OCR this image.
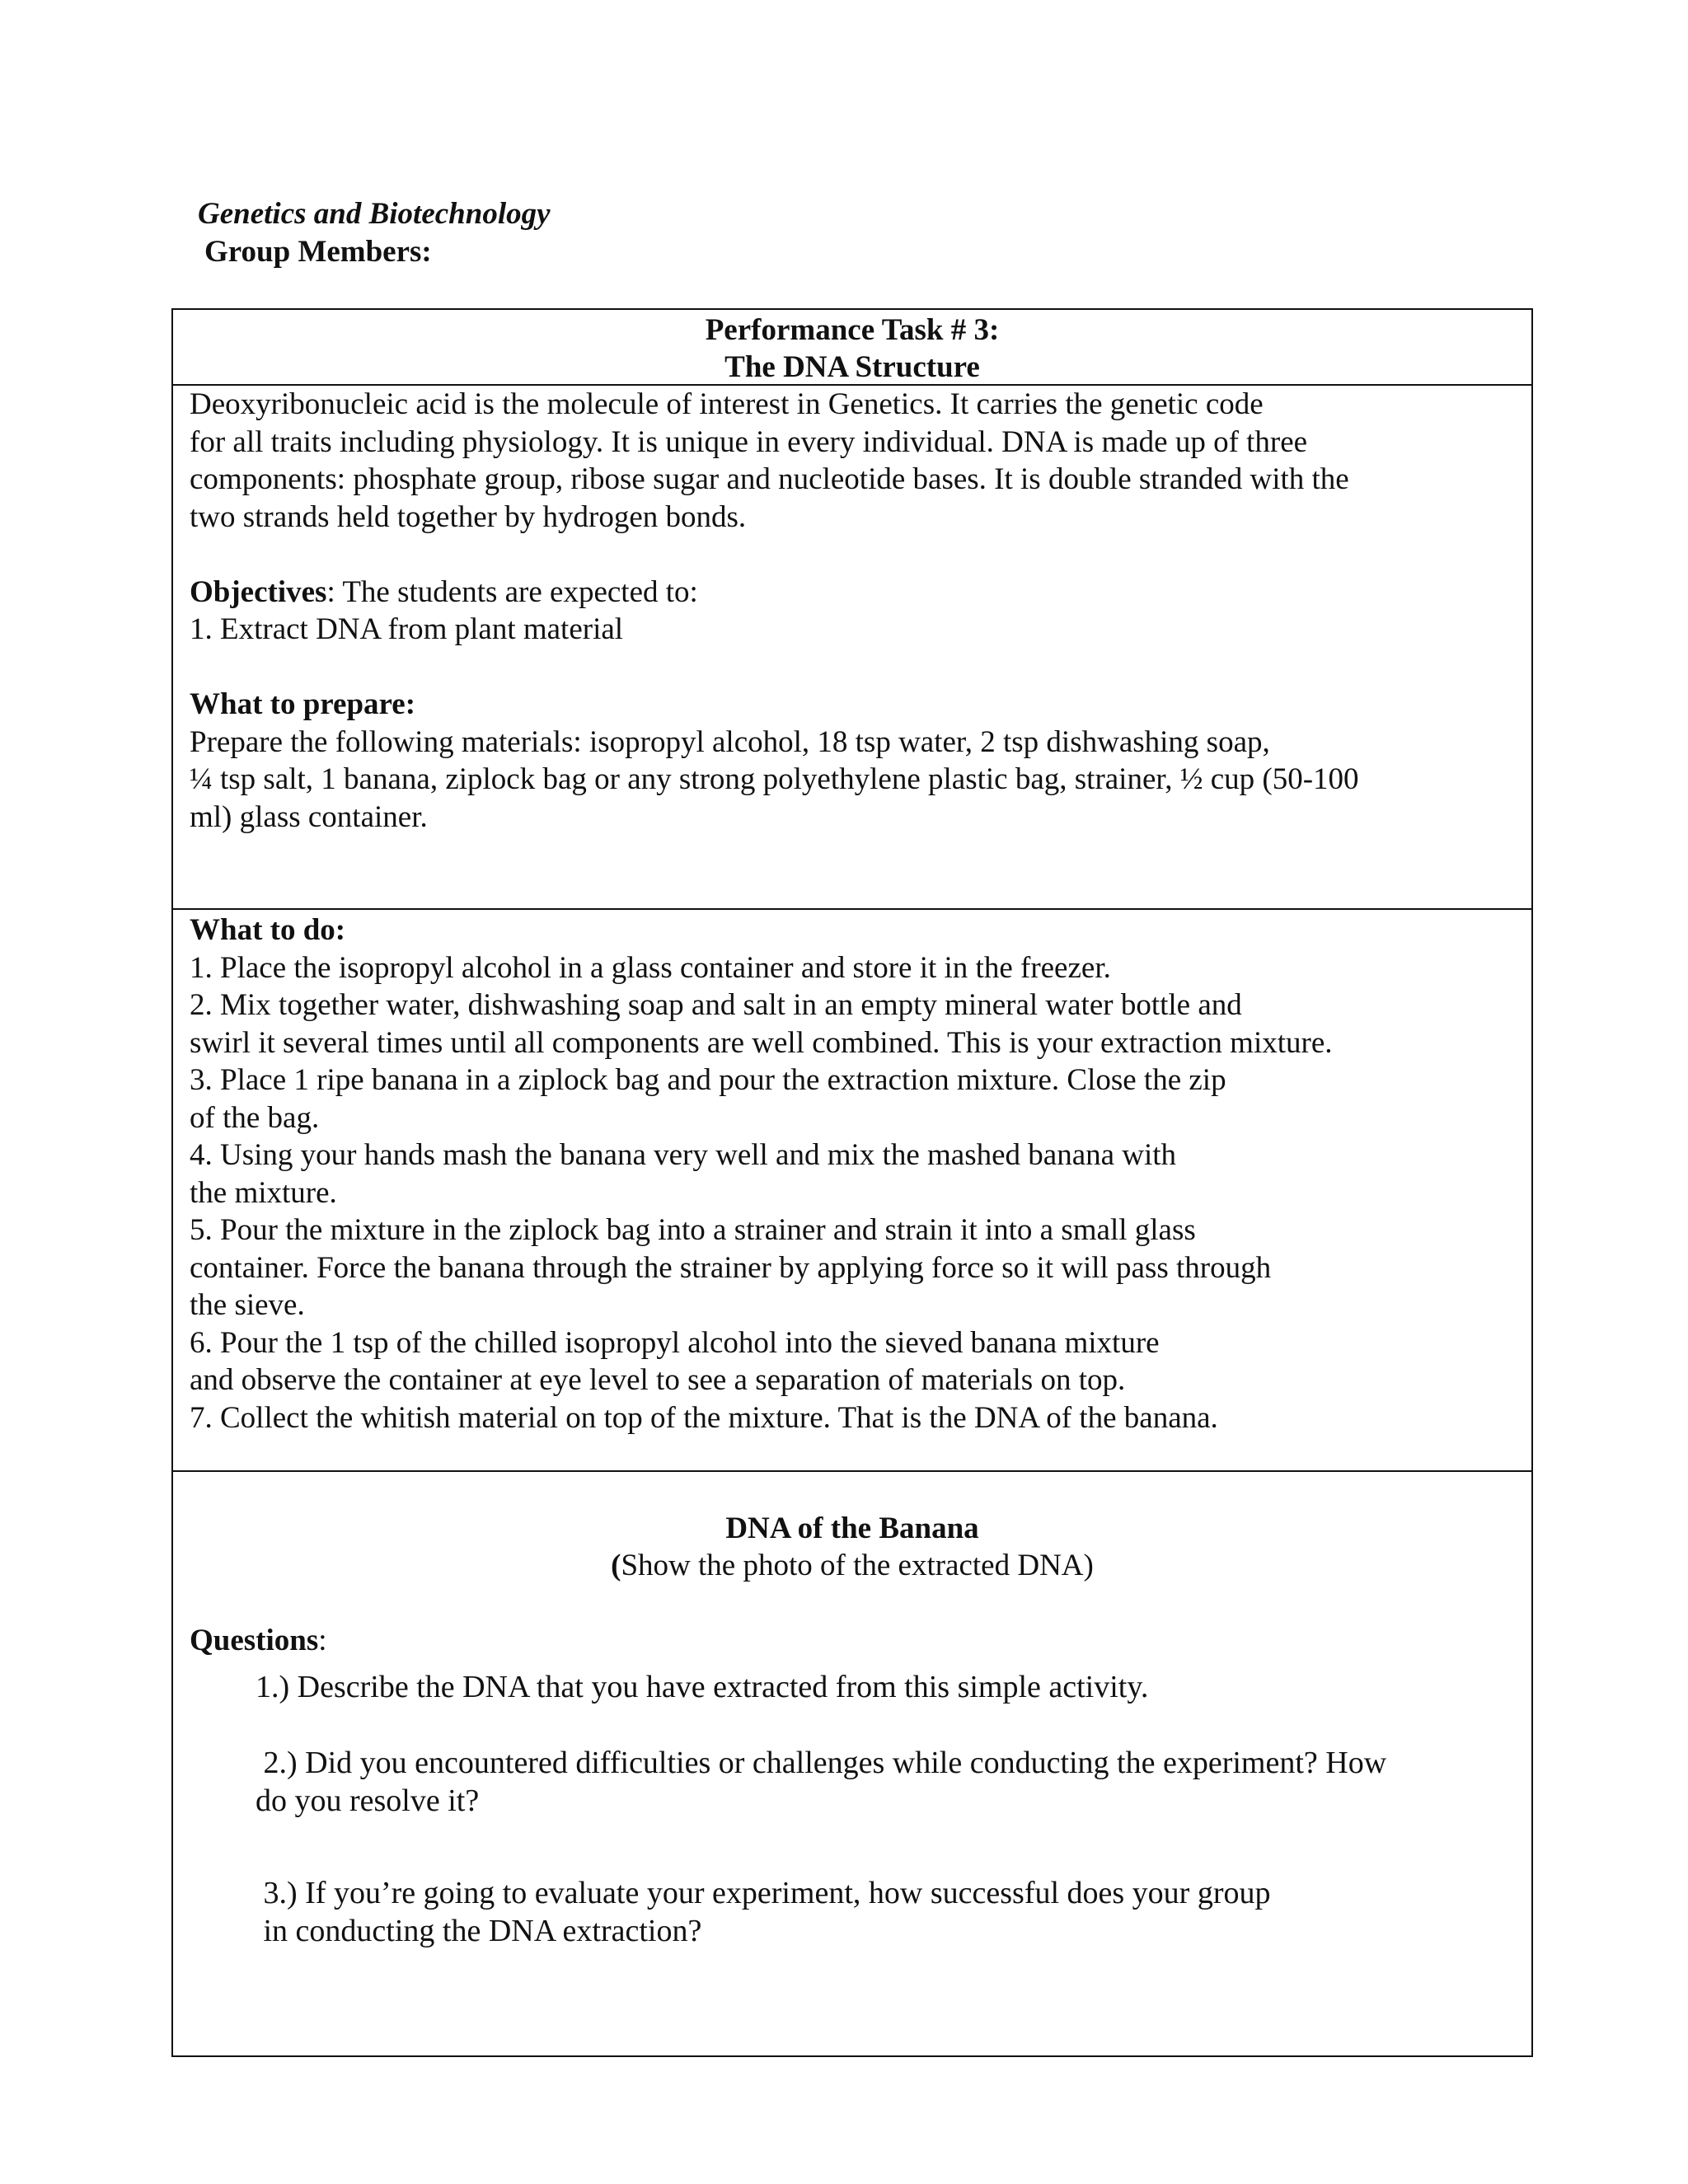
Genetics and Biotechnology
Group Members:
Performance Task # 3:
The DNA Structure
Deoxyribonucleic acid is the molecule of interest in Genetics. It carries the genetic code
for all traits including physiology. It is unique in every individual. DNA is made up of three
components: phosphate group, ribose sugar and nucleotide bases. It is double stranded with the
two strands held together by hydrogen bonds.
Objectives: The students are expected to:
1. Extract DNA from plant material
What to prepare:
Prepare the following materials: isopropyl alcohol, 18 tsp water, 2 tsp dishwashing soap,
¼ tsp salt, 1 banana, ziplock bag or any strong polyethylene plastic bag, strainer, ½ cup (50-100
ml) glass container.
What to do:
1. Place the isopropyl alcohol in a glass container and store it in the freezer.
2. Mix together water, dishwashing soap and salt in an empty mineral water bottle and
swirl it several times until all components are well combined. This is your extraction mixture.
3. Place 1 ripe banana in a ziplock bag and pour the extraction mixture. Close the zip
of the bag.
4. Using your hands mash the banana very well and mix the mashed banana with
the mixture.
5. Pour the mixture in the ziplock bag into a strainer and strain it into a small glass
container. Force the banana through the strainer by applying force so it will pass through
the sieve.
6. Pour the 1 tsp of the chilled isopropyl alcohol into the sieved banana mixture
and observe the container at eye level to see a separation of materials on top.
7. Collect the whitish material on top of the mixture. That is the DNA of the banana.
DNA of the Banana
(Show the photo of the extracted DNA)
Questions:
1.) Describe the DNA that you have extracted from this simple activity.
2.) Did you encountered difficulties or challenges while conducting the experiment? How
do you resolve it?
3.) If you’re going to evaluate your experiment, how successful does your group
in conducting the DNA extraction?
